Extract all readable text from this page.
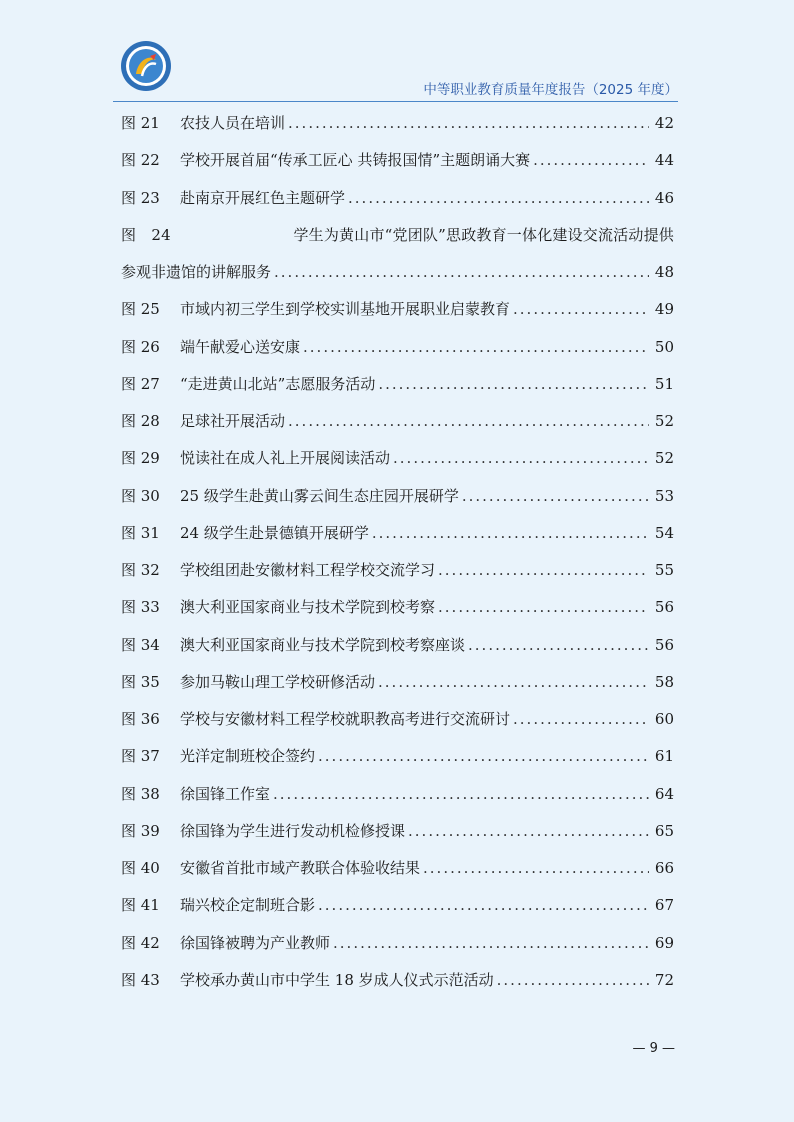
中等职业教育质量年度报告（2025 年度）
图 21	农技人员在培训 .....	42
图 22	学校开展首届“传承工匠心 共铸报国情”主题朗诵大赛 .....	44
图 23	赴南京开展红色主题研学 .....	46
图　24	学生为黄山市“党团队”思政教育一体化建设交流活动提供
参观非遗馆的讲解服务 .....	48
图 25	市域内初三学生到学校实训基地开展职业启蒙教育 .....	49
图 26	端午献爱心送安康 .....	50
图 27	“走进黄山北站”志愿服务活动 .....	51
图 28	足球社开展活动 .....	52
图 29	悦读社在成人礼上开展阅读活动 .....	52
图 30	25 级学生赴黄山雾云间生态庄园开展研学 .....	53
图 31	24 级学生赴景德镇开展研学 .....	54
图 32	学校组团赴安徽材料工程学校交流学习 .....	55
图 33	澳大利亚国家商业与技术学院到校考察 .....	56
图 34	澳大利亚国家商业与技术学院到校考察座谈 .....	56
图 35	参加马鞍山理工学校研修活动 .....	58
图 36	学校与安徽材料工程学校就职教高考进行交流研讨 .....	60
图 37	光洋定制班校企签约 .....	61
图 38	徐国锋工作室 .....	64
图 39	徐国锋为学生进行发动机检修授课 .....	65
图 40	安徽省首批市域产教联合体验收结果 .....	66
图 41	瑞兴校企定制班合影 .....	67
图 42	徐国锋被聘为产业教师 .....	69
图 43	学校承办黄山市中学生 18 岁成人仪式示范活动 .....	72
— 9 —
